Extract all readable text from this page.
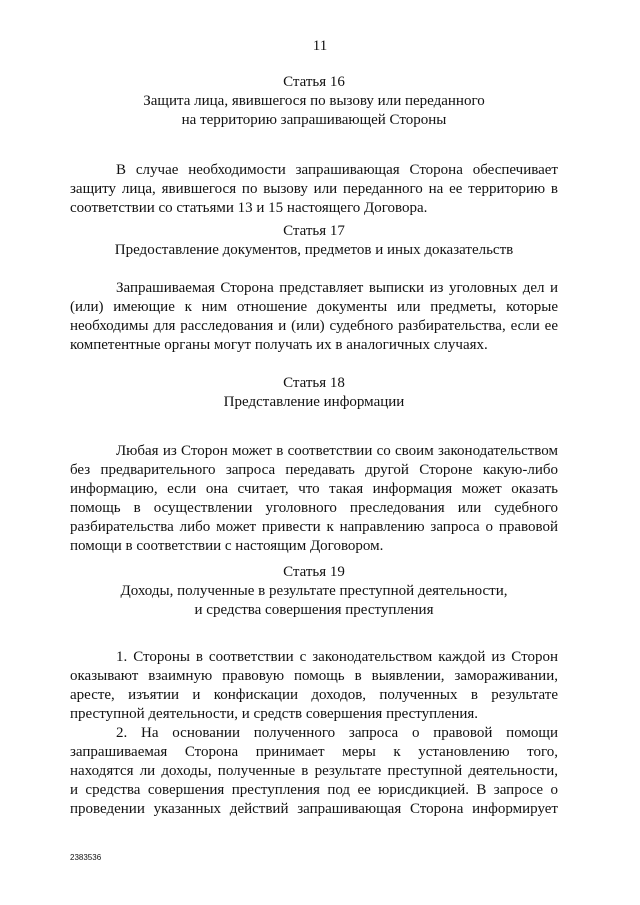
11

Статья 16

Защита лица, явившегося по вызову или переданного
на территорию запрашивающей Стороны

В случае необходимости запрашивающая Сторона обеспечивает
защиту лица, явившегося по вызову или переданного на ее территорию в
соответствии со статьями 13 и 15 настоящего Договора.

Статья 17

Предоставление документов, предметов и иных доказательств

Запрашиваемая Сторона представляет выписки из уголовных дел и
(или) имеющие к ним отношение документы или предметы, которые
необходимы для расследования и (или) судебного разбирательства, если ее
компетентные органы могут получать их в аналогичных случаях.

Статья 18

Представление информации

Любая из Сторон может в соответствии со своим законодательством
без предварительного запроса передавать другой Стороне какую-либо
информацию, если она считает, что такая информация может оказать
помощь в осуществлении уголовного преследования или судебного
разбирательства либо может привести к направлению запроса о правовой
помощи в соответствии с настоящим Договором.

Статья 19

Доходы, полученные в результате преступной деятельности,
и средства совершения преступления

1. Стороны в соответствии с законодательством каждой из Сторон
оказывают взаимную правовую помощь в выявлении, замораживании,
аресте, изъятии и конфискации доходов, полученных в результате
преступной деятельности, и средств совершения преступления.
2. На основании полученного запроса о правовой помощи
запрашиваемая Сторона принимает меры к установлению того,
находятся ли доходы, полученные в результате преступной деятельности,
и средства совершения преступления под ее юрисдикцией. В запросе о
проведении указанных действий запрашивающая Сторона информирует
2383536
